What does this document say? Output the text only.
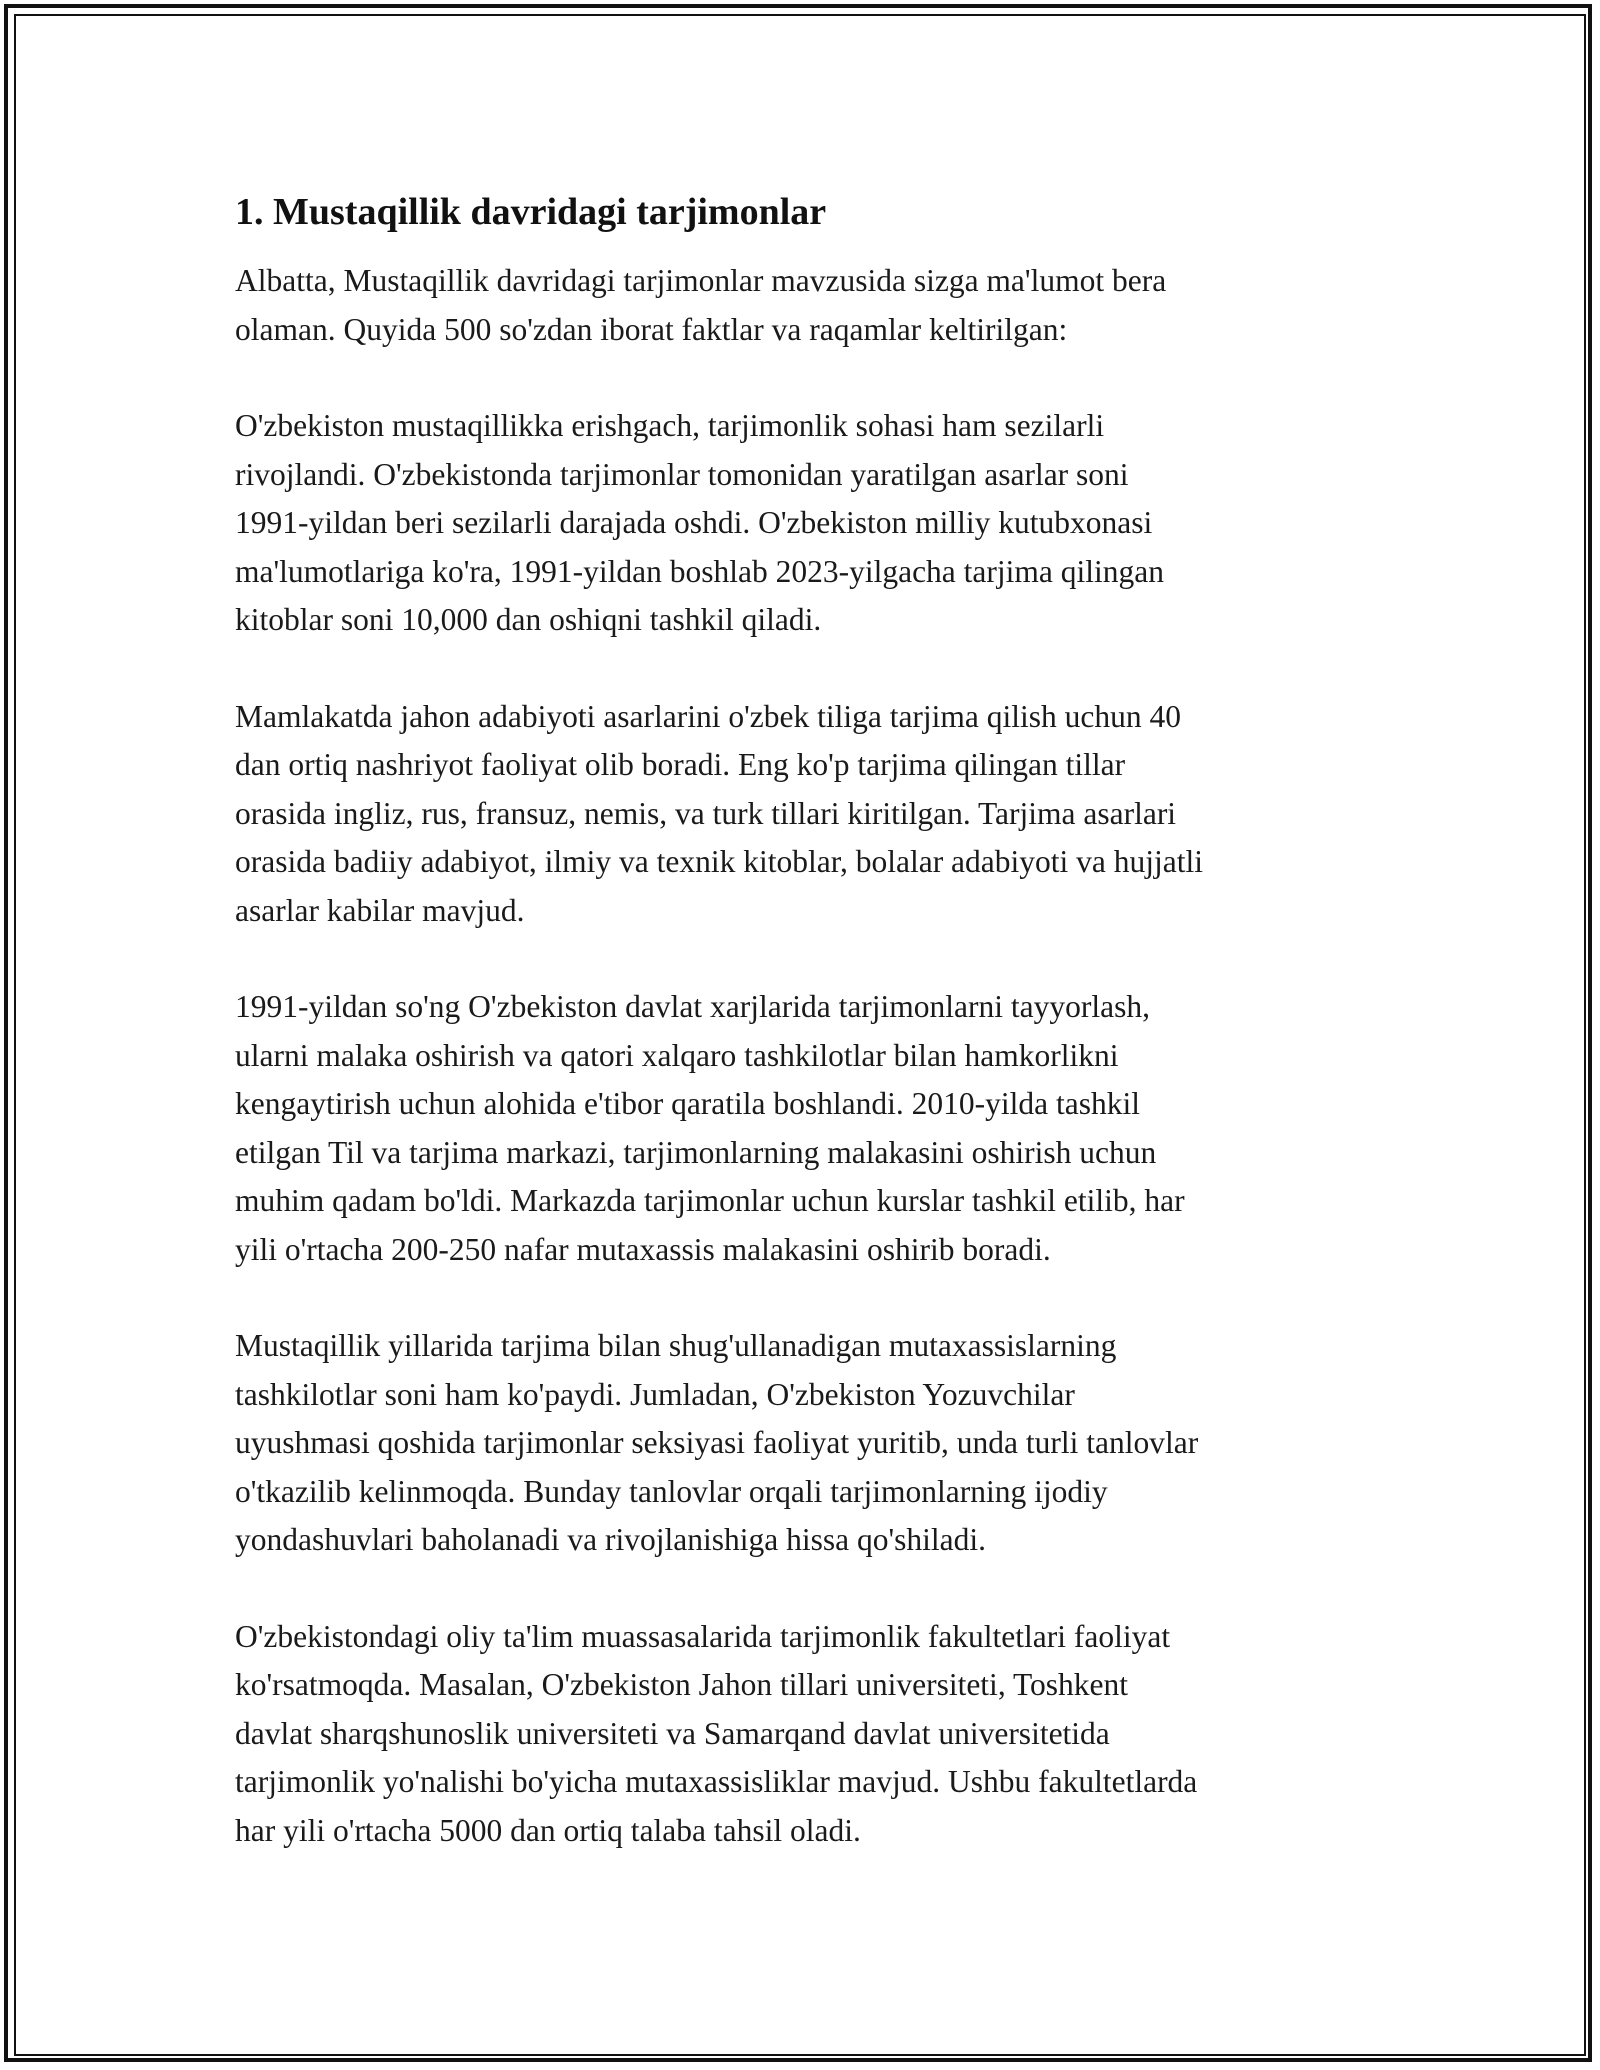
1. Mustaqillik davridagi tarjimonlar

Albatta, Mustaqillik davridagi tarjimonlar mavzusida sizga ma'lumot bera
olaman. Quyida 500 so'zdan iborat faktlar va raqamlar keltirilgan:

O'zbekiston mustaqillikka erishgach, tarjimonlik sohasi ham sezilarli
rivojlandi. O'zbekistonda tarjimonlar tomonidan yaratilgan asarlar soni
1991-yildan beri sezilarli darajada oshdi. O'zbekiston milliy kutubxonasi
ma'lumotlariga ko'ra, 1991-yildan boshlab 2023-yilgacha tarjima qilingan
kitoblar soni 10,000 dan oshiqni tashkil qiladi.

Mamlakatda jahon adabiyoti asarlarini o'zbek tiliga tarjima qilish uchun 40
dan ortiq nashriyot faoliyat olib boradi. Eng ko'p tarjima qilingan tillar
orasida ingliz, rus, fransuz, nemis, va turk tillari kiritilgan. Tarjima asarlari
orasida badiiy adabiyot, ilmiy va texnik kitoblar, bolalar adabiyoti va hujjatli
asarlar kabilar mavjud.

1991-yildan so'ng O'zbekiston davlat xarjlarida tarjimonlarni tayyorlash,
ularni malaka oshirish va qatori xalqaro tashkilotlar bilan hamkorlikni
kengaytirish uchun alohida e'tibor qaratila boshlandi. 2010-yilda tashkil
etilgan Til va tarjima markazi, tarjimonlarning malakasini oshirish uchun
muhim qadam bo'ldi. Markazda tarjimonlar uchun kurslar tashkil etilib, har
yili o'rtacha 200-250 nafar mutaxassis malakasini oshirib boradi.

Mustaqillik yillarida tarjima bilan shug'ullanadigan mutaxassislarning
tashkilotlar soni ham ko'paydi. Jumladan, O'zbekiston Yozuvchilar
uyushmasi qoshida tarjimonlar seksiyasi faoliyat yuritib, unda turli tanlovlar
o'tkazilib kelinmoqda. Bunday tanlovlar orqali tarjimonlarning ijodiy
yondashuvlari baholanadi va rivojlanishiga hissa qo'shiladi.

O'zbekistondagi oliy ta'lim muassasalarida tarjimonlik fakultetlari faoliyat
ko'rsatmoqda. Masalan, O'zbekiston Jahon tillari universiteti, Toshkent
davlat sharqshunoslik universiteti va Samarqand davlat universitetida
tarjimonlik yo'nalishi bo'yicha mutaxassisliklar mavjud. Ushbu fakultetlarda
har yili o'rtacha 5000 dan ortiq talaba tahsil oladi.
